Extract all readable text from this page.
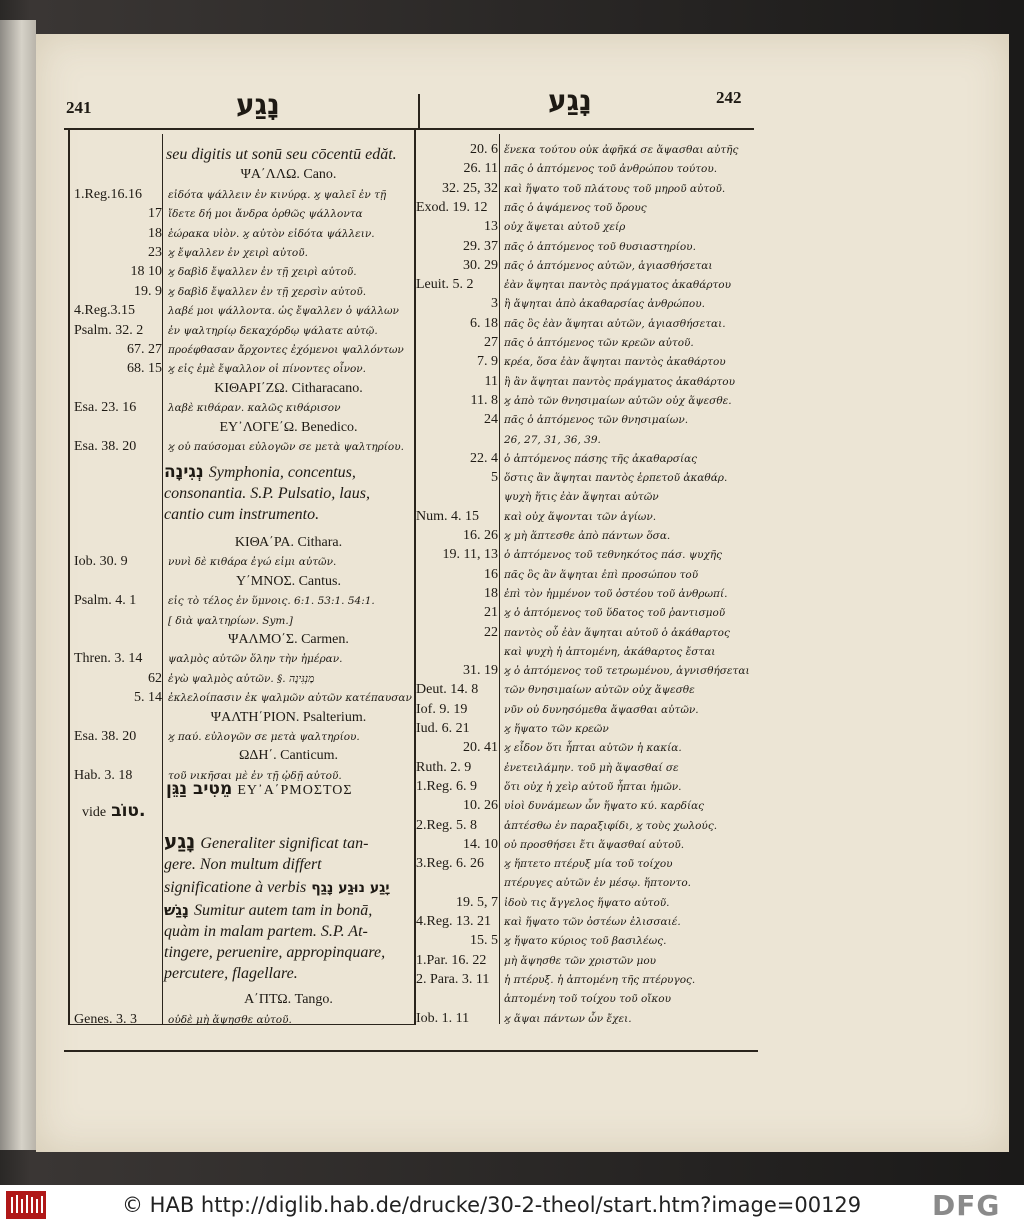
241	נָגַע	נָגַע	242
seu digitis ut sonū seu cōcentū edăt.
ΨΑ΄ΛΛΩ. Cano.
1.Reg.16.16 εἰδότα ψάλλειν ἐν κινύρᾳ. ϗ ψαλεῖ ἐν τῇ
17 ἴδετε δή μοι ἄνδρα ὀρθῶς ψάλλοντα
18 ἑώρακα υἱὸν. ϗ αὐτὸν εἰδότα ψάλλειν.
23 ϗ ἔψαλλεν ἐν χειρὶ αὐτοῦ.
18 10 ϗ δαβὶδ ἔψαλλεν ἐν τῇ χειρὶ αὐτοῦ.
19. 9 ϗ δαβὶδ ἔψαλλεν ἐν τῇ χερσὶν αὐτοῦ.
4.Reg.3.15	λαβέ μοι ψάλλοντα. ὡς ἔψαλλεν ὁ ψάλλων
Psalm. 32. 2 ἐν ψαλτηρίῳ δεκαχόρδῳ ψάλατε αὐτῷ.
67. 27 προέφθασαν ἄρχοντες ἐχόμενοι ψαλλόντων
68. 15 ϗ εἰς ἐμὲ ἔψαλλον οἱ πίνοντες οἶνον.
ΚΙΘΑΡΙ΄ΖΩ. Citharacano.
Esa. 23. 16	λαβὲ κιθάραν. καλῶς κιθάρισον
ΕΥ᾽ΛΟΓΕ΄Ω. Benedico.
Esa. 38. 20	ϗ οὐ παύσομαι εὐλογῶν σε μετὰ ψαλτηρίου.
נְגִינָה Symphonia, concentus,
consonantia. S.P. Pulsatio, laus,
cantio cum instrumento.
ΚΙΘΑ΄ΡΑ. Cithara.
Iob. 30. 9	νυνὶ δὲ κιθάρα ἐγώ εἰμι αὐτῶν.
Υ΄ΜΝΟΣ. Cantus.
Psalm. 4. 1	εἰς τὸ τέλος ἐν ὕμνοις. 6:1. 53:1. 54:1.
[ διὰ ψαλτηρίων. Sym.]
ΨΑΛΜΟ΄Σ. Carmen.
Thren. 3. 14 ψαλμὸς αὐτῶν ὅλην τὴν ἡμέραν.
62 ἐγὼ ψαλμὸς αὐτῶν. §. מַנְגִּינָה
5. 14 ἐκλελοίπασιν ἐκ ψαλμῶν αὐτῶν κατέπαυσαν
ΨΑΛΤΗ΄ΡΙΟΝ. Psalterium.
Esa. 38. 20	ϗ παύ. εὐλογῶν σε μετὰ ψαλτηρίου.
ΩΔΗ΄. Canticum.
Hab. 3. 18	τοῦ νικῆσαι μὲ ἐν τῇ ᾠδῇ αὐτοῦ.
מֵטִיב נַגֵּן ΕΥ᾽Α΄ΡΜΟΣΤΟΣ
vide טוֹב.
נָגַע Generaliter significat tan-
gere. Non multum differt
significatione à verbis יָגַע נוּגַע נָגַף
נָגַשׁ Sumitur autem tam in bonā,
quàm in malam partem. S.P. At-
tingere, peruenire, appropinquare,
percutere, flagellare.
Α΄ΠΤΩ. Tango.
Genes. 3. 3	οὐδὲ μὴ ἅψησθε αὐτοῦ.
20. 6 ἕνεκα τούτου οὐκ ἀφῆκά σε ἅψασθαι αὐτῆς
26. 11 πᾶς ὁ ἁπτόμενος τοῦ ἀνθρώπου τούτου.
32. 25, 32 καὶ ἥψατο τοῦ πλάτους τοῦ μηροῦ αὐτοῦ.
Exod. 19. 12 πᾶς ὁ ἁψάμενος τοῦ ὄρους
13 οὐχ ἅψεται αὐτοῦ χείρ
29. 37 πᾶς ὁ ἁπτόμενος τοῦ θυσιαστηρίου.
30. 29 πᾶς ὁ ἁπτόμενος αὐτῶν, ἁγιασθήσεται
Leuit. 5. 2	ἐὰν ἅψηται παντὸς πράγματος ἀκαθάρτου
3 ἢ ἅψηται ἀπὸ ἀκαθαρσίας ἀνθρώπου.
6. 18 πᾶς ὃς ἐὰν ἅψηται αὐτῶν, ἁγιασθήσεται.
27 πᾶς ὁ ἁπτόμενος τῶν κρεῶν αὐτοῦ.
7. 9 κρέα, ὅσα ἐὰν ἅψηται παντὸς ἀκαθάρτου
11 ἢ ἂν ἅψηται παντὸς πράγματος ἀκαθάρτου
11. 8 ϗ ἀπὸ τῶν θνησιμαίων αὐτῶν οὐχ ἅψεσθε.
24 πᾶς ὁ ἁπτόμενος τῶν θνησιμαίων.
26, 27, 31, 36, 39.
22. 4 ὁ ἁπτόμενος πάσης τῆς ἀκαθαρσίας
5 ὅστις ἂν ἅψηται παντὸς ἑρπετοῦ ἀκαθάρ.
ψυχὴ ἥτις ἐὰν ἅψηται αὐτῶν
Num. 4. 15 καὶ οὐχ ἅψονται τῶν ἁγίων.
16. 26 ϗ μὴ ἅπτεσθε ἀπὸ πάντων ὅσα.
19. 11, 13 ὁ ἁπτόμενος τοῦ τεθνηκότος πάσ. ψυχῆς
16 πᾶς ὃς ἂν ἅψηται ἐπὶ προσώπου τοῦ
18 ἐπὶ τὸν ἡμμένον τοῦ ὀστέου τοῦ ἀνθρωπί.
21 ϗ ὁ ἁπτόμενος τοῦ ὕδατος τοῦ ῥαντισμοῦ
22 παντὸς οὗ ἐὰν ἅψηται αὐτοῦ ὁ ἀκάθαρτος
καὶ ψυχὴ ἡ ἁπτομένη, ἀκάθαρτος ἔσται
31. 19 ϗ ὁ ἁπτόμενος τοῦ τετρωμένου, ἁγνισθήσεται
Deut. 14. 8 τῶν θνησιμαίων αὐτῶν οὐχ ἅψεσθε
Iof. 9. 19	νῦν οὐ δυνησόμεθα ἅψασθαι αὐτῶν.
Iud. 6. 21	ϗ ἥψατο τῶν κρεῶν
20. 41 ϗ εἶδον ὅτι ἧπται αὐτῶν ἡ κακία.
Ruth. 2. 9	ἐνετειλάμην. τοῦ μὴ ἅψασθαί σε
1.Reg. 6. 9	ὅτι οὐχ ἡ χεὶρ αὐτοῦ ἧπται ἡμῶν.
10. 26 υἱοὶ δυνάμεων ὧν ἥψατο κύ. καρδίας
2.Reg. 5. 8	ἁπτέσθω ἐν παραξιφίδι, ϗ τοὺς χωλούς.
14. 10 οὐ προσθήσει ἔτι ἅψασθαί αὐτοῦ.
3.Reg. 6. 26 ϗ ἥπτετο πτέρυξ μία τοῦ τοίχου
πτέρυγες αὐτῶν ἐν μέσῳ. ἥπτοντο.
19. 5, 7 ἰδοὺ τις ἄγγελος ἥψατο αὐτοῦ.
4.Reg. 13. 21 καὶ ἥψατο τῶν ὀστέων ἐλισσαιέ.
15. 5 ϗ ἥψατο κύριος τοῦ βασιλέως.
1.Par. 16. 22 μὴ ἅψησθε τῶν χριστῶν μου
2. Para. 3. 11 ἡ πτέρυξ. ἡ ἁπτομένη τῆς πτέρυγος.
ἁπτομένη τοῦ τοίχου τοῦ οἴκου
Iob. 1. 11	ϗ ἅψαι πάντων ὧν ἔχει.
© HAB http://diglib.hab.de/drucke/30-2-theol/start.htm?image=00129	DFG
